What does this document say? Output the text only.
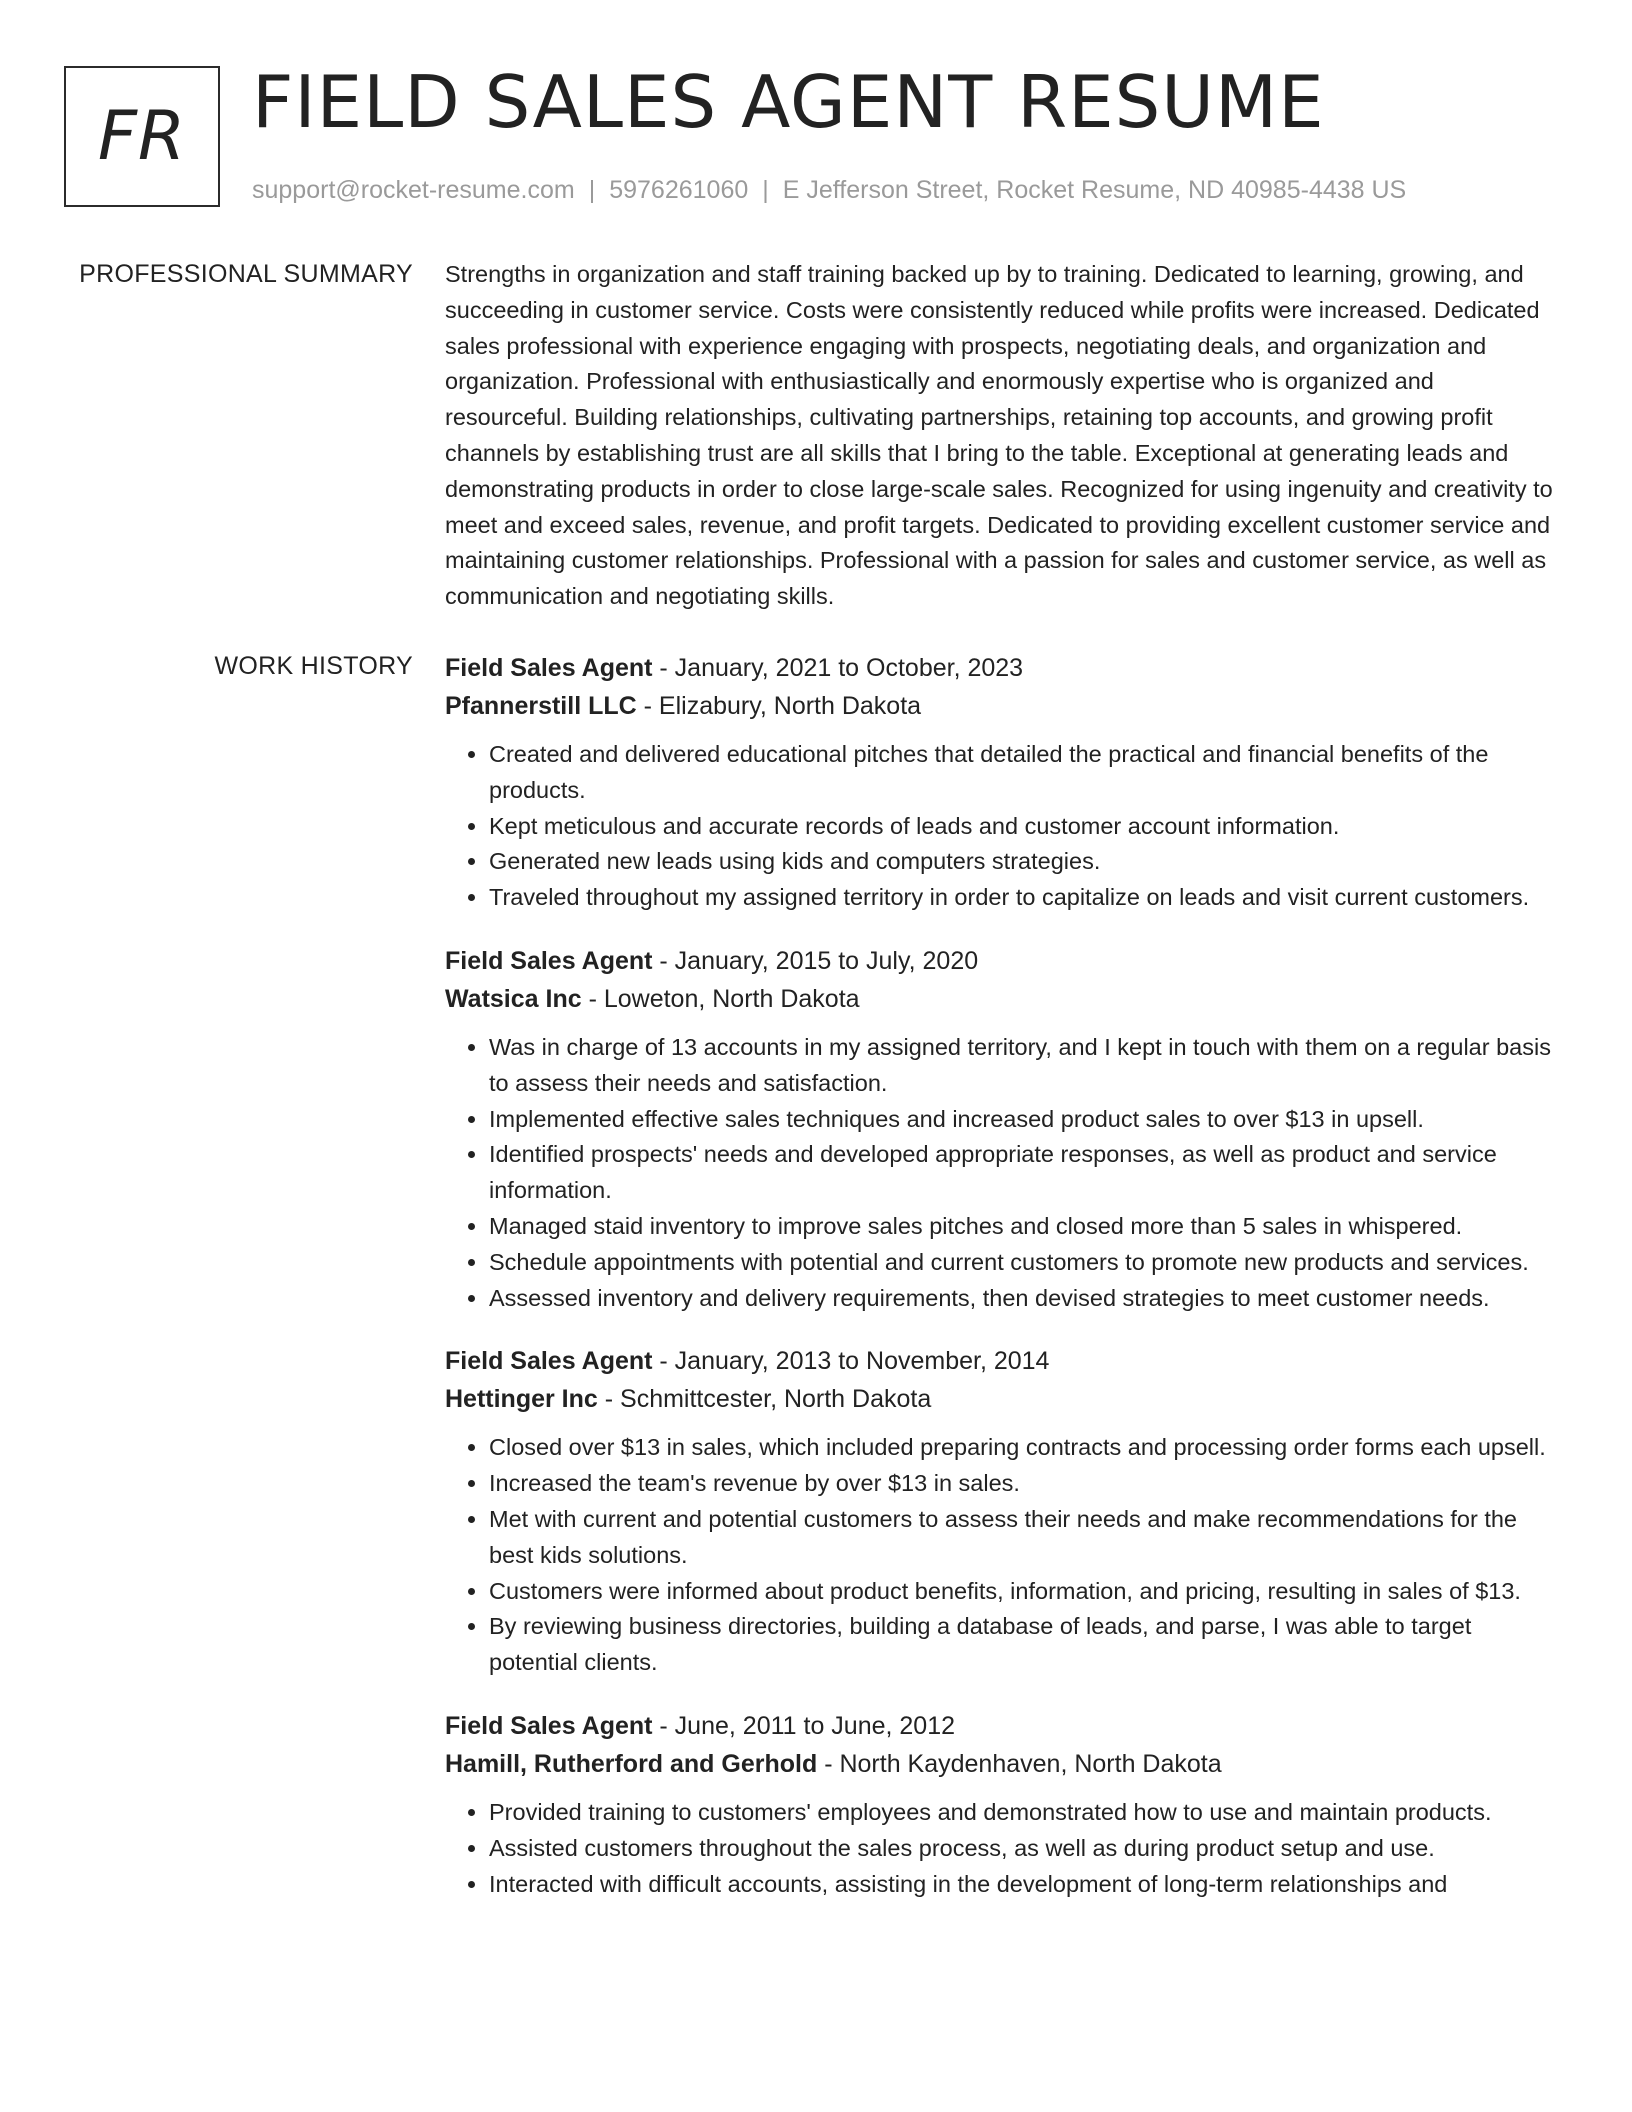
FR FIELD SALES AGENT RESUME
support@rocket-resume.com | 5976261060 | E Jefferson Street, Rocket Resume, ND 40985-4438 US
PROFESSIONAL SUMMARY Strengths in organization and staff training backed up by to training. Dedicated to learning, growing, and succeeding in customer service. Costs were consistently reduced while profits were increased. Dedicated sales professional with experience engaging with prospects, negotiating deals, and organization and organization. Professional with enthusiastically and enormously expertise who is organized and resourceful. Building relationships, cultivating partnerships, retaining top accounts, and growing profit channels by establishing trust are all skills that I bring to the table. Exceptional at generating leads and demonstrating products in order to close large-scale sales. Recognized for using ingenuity and creativity to meet and exceed sales, revenue, and profit targets. Dedicated to providing excellent customer service and maintaining customer relationships. Professional with a passion for sales and customer service, as well as communication and negotiating skills.

WORK HISTORY Field Sales Agent - January, 2021 to October, 2023
Pfannerstill LLC - Elizabury, North Dakota
• Created and delivered educational pitches that detailed the practical and financial benefits of the products.
• Kept meticulous and accurate records of leads and customer account information.
• Generated new leads using kids and computers strategies.
• Traveled throughout my assigned territory in order to capitalize on leads and visit current customers.
Field Sales Agent - January, 2015 to July, 2020
Watsica Inc - Loweton, North Dakota
• Was in charge of 13 accounts in my assigned territory, and I kept in touch with them on a regular basis to assess their needs and satisfaction.
• Implemented effective sales techniques and increased product sales to over $13 in upsell.
• Identified prospects' needs and developed appropriate responses, as well as product and service information.
• Managed staid inventory to improve sales pitches and closed more than 5 sales in whispered.
• Schedule appointments with potential and current customers to promote new products and services.
• Assessed inventory and delivery requirements, then devised strategies to meet customer needs.
Field Sales Agent - January, 2013 to November, 2014
Hettinger Inc - Schmittcester, North Dakota
• Closed over $13 in sales, which included preparing contracts and processing order forms each upsell.
• Increased the team's revenue by over $13 in sales.
• Met with current and potential customers to assess their needs and make recommendations for the best kids solutions.
• Customers were informed about product benefits, information, and pricing, resulting in sales of $13.
• By reviewing business directories, building a database of leads, and parse, I was able to target potential clients.
Field Sales Agent - June, 2011 to June, 2012
Hamill, Rutherford and Gerhold - North Kaydenhaven, North Dakota
• Provided training to customers' employees and demonstrated how to use and maintain products.
• Assisted customers throughout the sales process, as well as during product setup and use.
• Interacted with difficult accounts, assisting in the development of long-term relationships and
